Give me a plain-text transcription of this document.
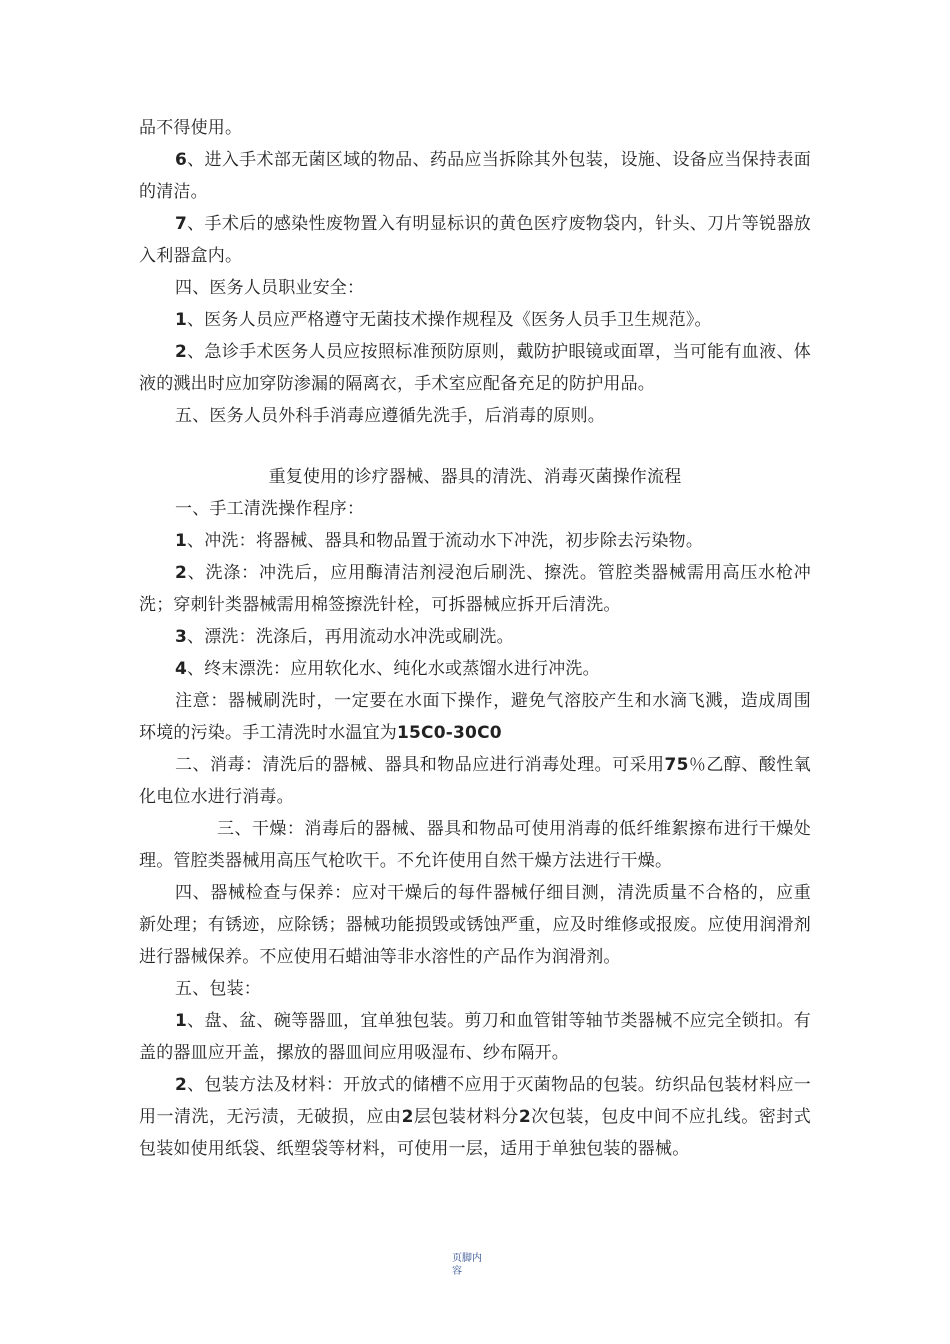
品不得使用。

6、进入手术部无菌区域的物品、药品应当拆除其外包装，设施、设备应当保持表面的清洁。

7、手术后的感染性废物置入有明显标识的黄色医疗废物袋内，针头、刀片等锐器放入利器盒内。

四、医务人员职业安全：

1、医务人员应严格遵守无菌技术操作规程及《医务人员手卫生规范》。

2、急诊手术医务人员应按照标准预防原则，戴防护眼镜或面罩，当可能有血液、体液的溅出时应加穿防渗漏的隔离衣，手术室应配备充足的防护用品。

五、医务人员外科手消毒应遵循先洗手，后消毒的原则。

重复使用的诊疗器械、器具的清洗、消毒灭菌操作流程

一、手⼯清洗操作程序：

1、冲洗：将器械、器具和物品置于流动水下冲洗，初步除去污染物。

2、洗涤：冲洗后，应用酶清洁剂浸泡后刷洗、擦洗。管腔类器械需用高压水枪冲洗；穿刺针类器械需用棉签擦洗针栓，可拆器械应拆开后清洗。

3、漂洗：洗涤后，再用流动水冲洗或刷洗。

4、终末漂洗：应用软化水、纯化水或蒸馏水进行冲洗。

注意：器械刷洗时，一定要在水面下操作，避免气溶胶产生和水滴飞溅，造成周围环境的污染。手⼯清洗时水温宜为15C0-30C0

二、消毒：清洗后的器械、器具和物品应进行消毒处理。可采用75％乙醇、酸性氧化电位水进行消毒。

三、干燥：消毒后的器械、器具和物品可使用消毒的低纤维絮擦布进行干燥处理。管腔类器械用高压气枪吹干。不允许使用自然干燥方法进行干燥。

四、器械检查与保养：应对干燥后的每件器械仔细目测，清洗质量不合格的，应重新处理；有锈迹，应除锈；器械功能损毁或锈蚀严重，应及时维修或报废。应使用润滑剂进行器械保养。不应使用石蜡油等非水溶性的产品作为润滑剂。

五、包装：

1、盘、盆、碗等器皿，宜单独包装。剪刀和血管钳等轴节类器械不应完全锁扣。有盖的器皿应开盖，摞放的器皿间应用吸湿布、纱布隔开。

2、包装方法及材料：开放式的储槽不应用于灭菌物品的包装。纺织品包装材料应一用一清洗，无污渍，无破损，应由2层包装材料分2次包装，包皮中间不应扎线。密封式包装如使用纸袋、纸塑袋等材料，可使用一层，适用于单独包装的器械。

页脚内
容
